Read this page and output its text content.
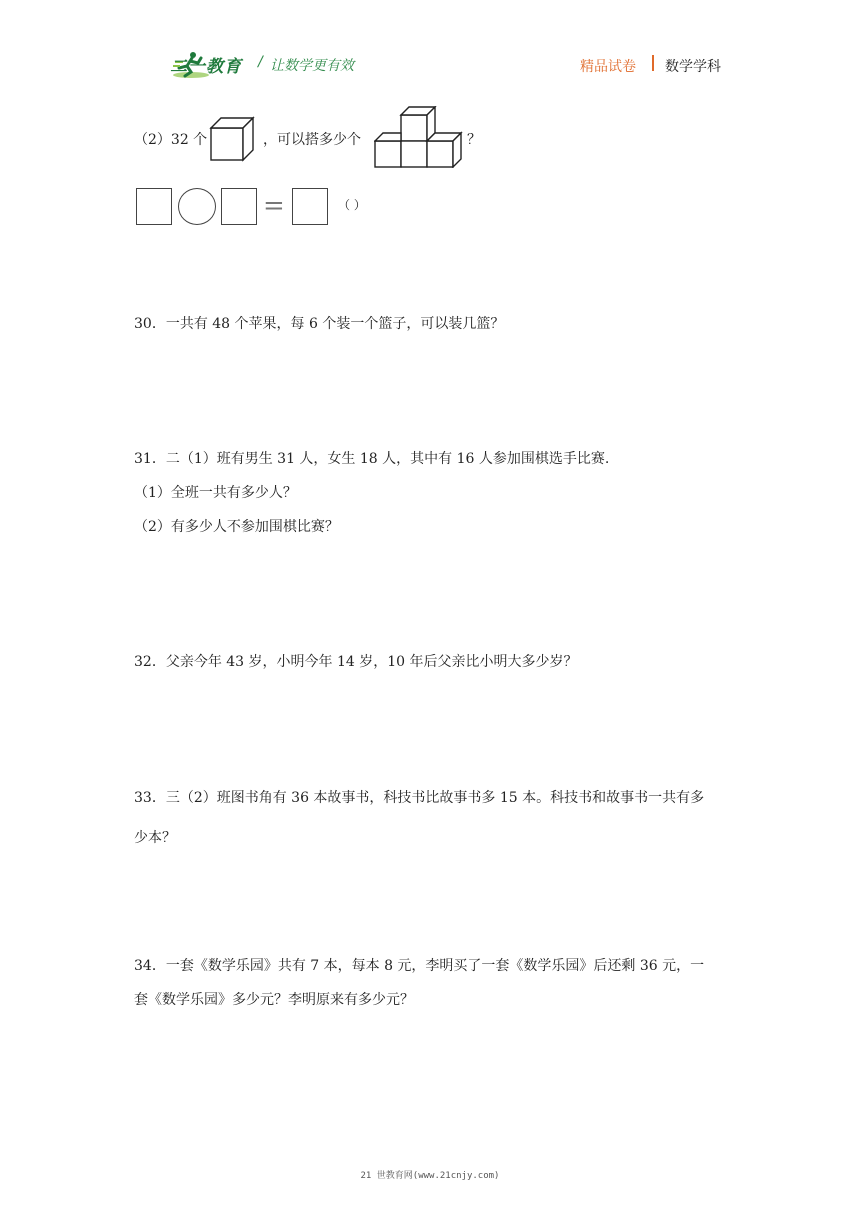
二一教育 / 让数学更有效	精品试卷 数学学科
（2）32 个	，可以搭多少个	？
=	（ ）
30．一共有 48 个苹果，每 6 个装一个篮子，可以装几篮？
31．二（1）班有男生 31 人，女生 18 人，其中有 16 人参加围棋选手比赛.
（1）全班一共有多少人？
（2）有多少人不参加围棋比赛？
32．父亲今年 43 岁，小明今年 14 岁，10 年后父亲比小明大多少岁？
33．三（2）班图书角有 36 本故事书，科技书比故事书多 15 本。科技书和故事书一共有多
少本？
34．一套《数学乐园》共有 7 本，每本 8 元，李明买了一套《数学乐园》后还剩 36 元，一
套《数学乐园》多少元？李明原来有多少元？
21 世教育网(www.21cnjy.com)
